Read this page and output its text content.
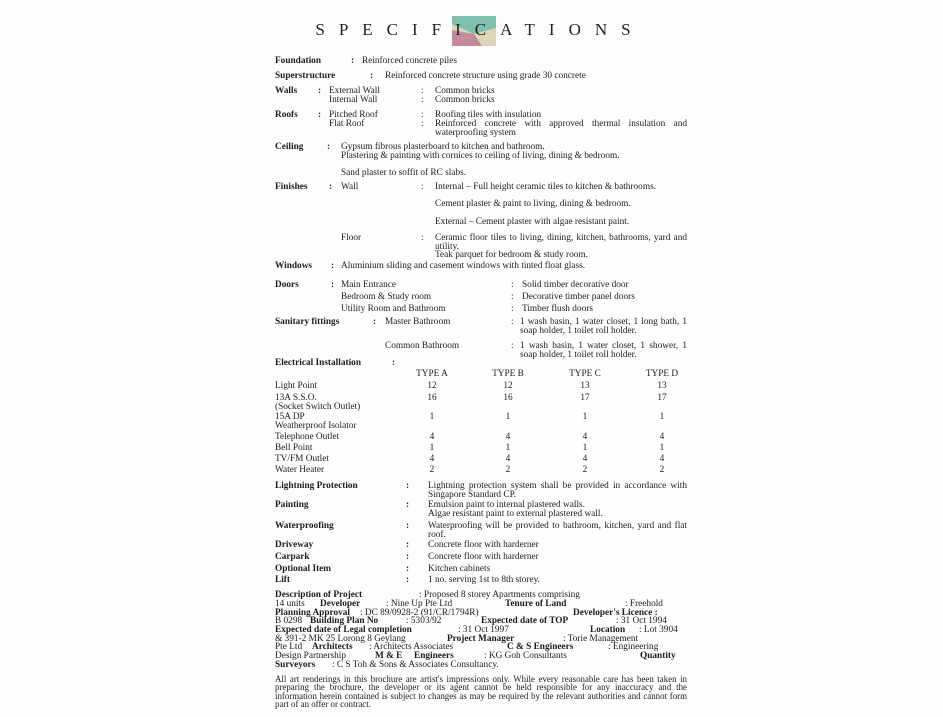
SPECIFICATIONS
Foundation	: Reinforced concrete piles
Superstructure	: Reinforced concrete structure using grade 30 concrete
Walls : External Wall	: Common bricks
Internal Wall	: Common bricks
Roofs : Pitched Roof	: Roofing tiles with insulation
Flat Roof	: Reinforced concrete with approved thermal insulation and waterproofing system
Ceiling	: Gypsum fibrous plasterboard to kitchen and bathroom.
Plastering & painting with cornices to ceiling of living, dining & bedroom.
Sand plaster to soffit of RC slabs.
Finishes : Wall	: Internal – Full height ceramic tiles to kitchen & bathrooms.
Cement plaster & paint to living, dining & bedroom.
External – Cement plaster with algae resistant paint.
Floor	: Ceramic floor tiles to living, dining, kitchen, bathrooms, yard and utility.
Teak parquet for bedroom & study room.
Windows : Aluminium sliding and casement windows with tinted float glass.
Doors	: Main Entrance	: Solid timber decorative door
Bedroom & Study room	: Decorative timber panel doors
Utility Room and Bathroom	: Timber flush doors
Sanitary fittings	: Master Bathroom	: 1 wash basin, 1 water closet, 1 long bath, 1 soap holder, 1 toilet roll holder.
Common Bathroom	: 1 wash basin, 1 water closet, 1 shower, 1 soap holder, 1 toilet roll holder.
Electrical Installation	:
TYPE A	TYPE B	TYPE C	TYPE D
Light Point	12	12	13	13
13A S.S.O.
(Socket Switch Outlet)
16	16	17	17
15A DP
Weatherproof Isolator
1	1	1	1
Telephone Outlet	4	4	4	4
Bell Point	1	1	1	1
TV/FM Outlet	4	4	4	4
Water Heater	2	2	2	2
Lightning Protection	: Lightning protection system shall be provided in accordance with Singapore Standard CP.
Painting	: Emulsion paint to internal plastered walls.
Algae resistant paint to external plastered wall.
Waterproofing	: Waterproofing will be provided to bathroom, kitchen, yard and flat roof.
Driveway	: Concrete floor with harderner
Carpark	: Concrete floor with harderner
Optional Item	: Kitchen cabinets
Lift	: 1 no. serving 1st to 8th storey.
Description of Project	: Proposed 8 storey Apartments comprising
14 units Developer	: Nine Up Pte Ltd	Tenure of Land	: Freehold
Planning Approval : DC 89/0928-2 (91/CR/1794R)	Developer's Licence :
B 0298 Building Plan No	: 5303/92	Expected date of TOP	: 31 Oct 1994
Expected date of Legal completion	: 31 Oct 1997	Location : Lot 3904
& 391-2 MK 25 Lorong 8 Geylang	Project Manager	: Torie Management
Pte Ltd Architects : Architects Associates	C & S Engineers	: Engineering
Design Partnership	M & E Engineers	: KG Goh Consultants	Quantity
Surveyors : C S Toh & Sons & Associates Consultancy.
All art renderings in this brochure are artist's impressions only. While every reasonable care has been taken in preparing the brochure, the developer or its agent cannot be held responsible for any inaccuracy and the information herein contained is subject to changes as may be required by the relevant authorities and cannot form part of an offer or contract.
